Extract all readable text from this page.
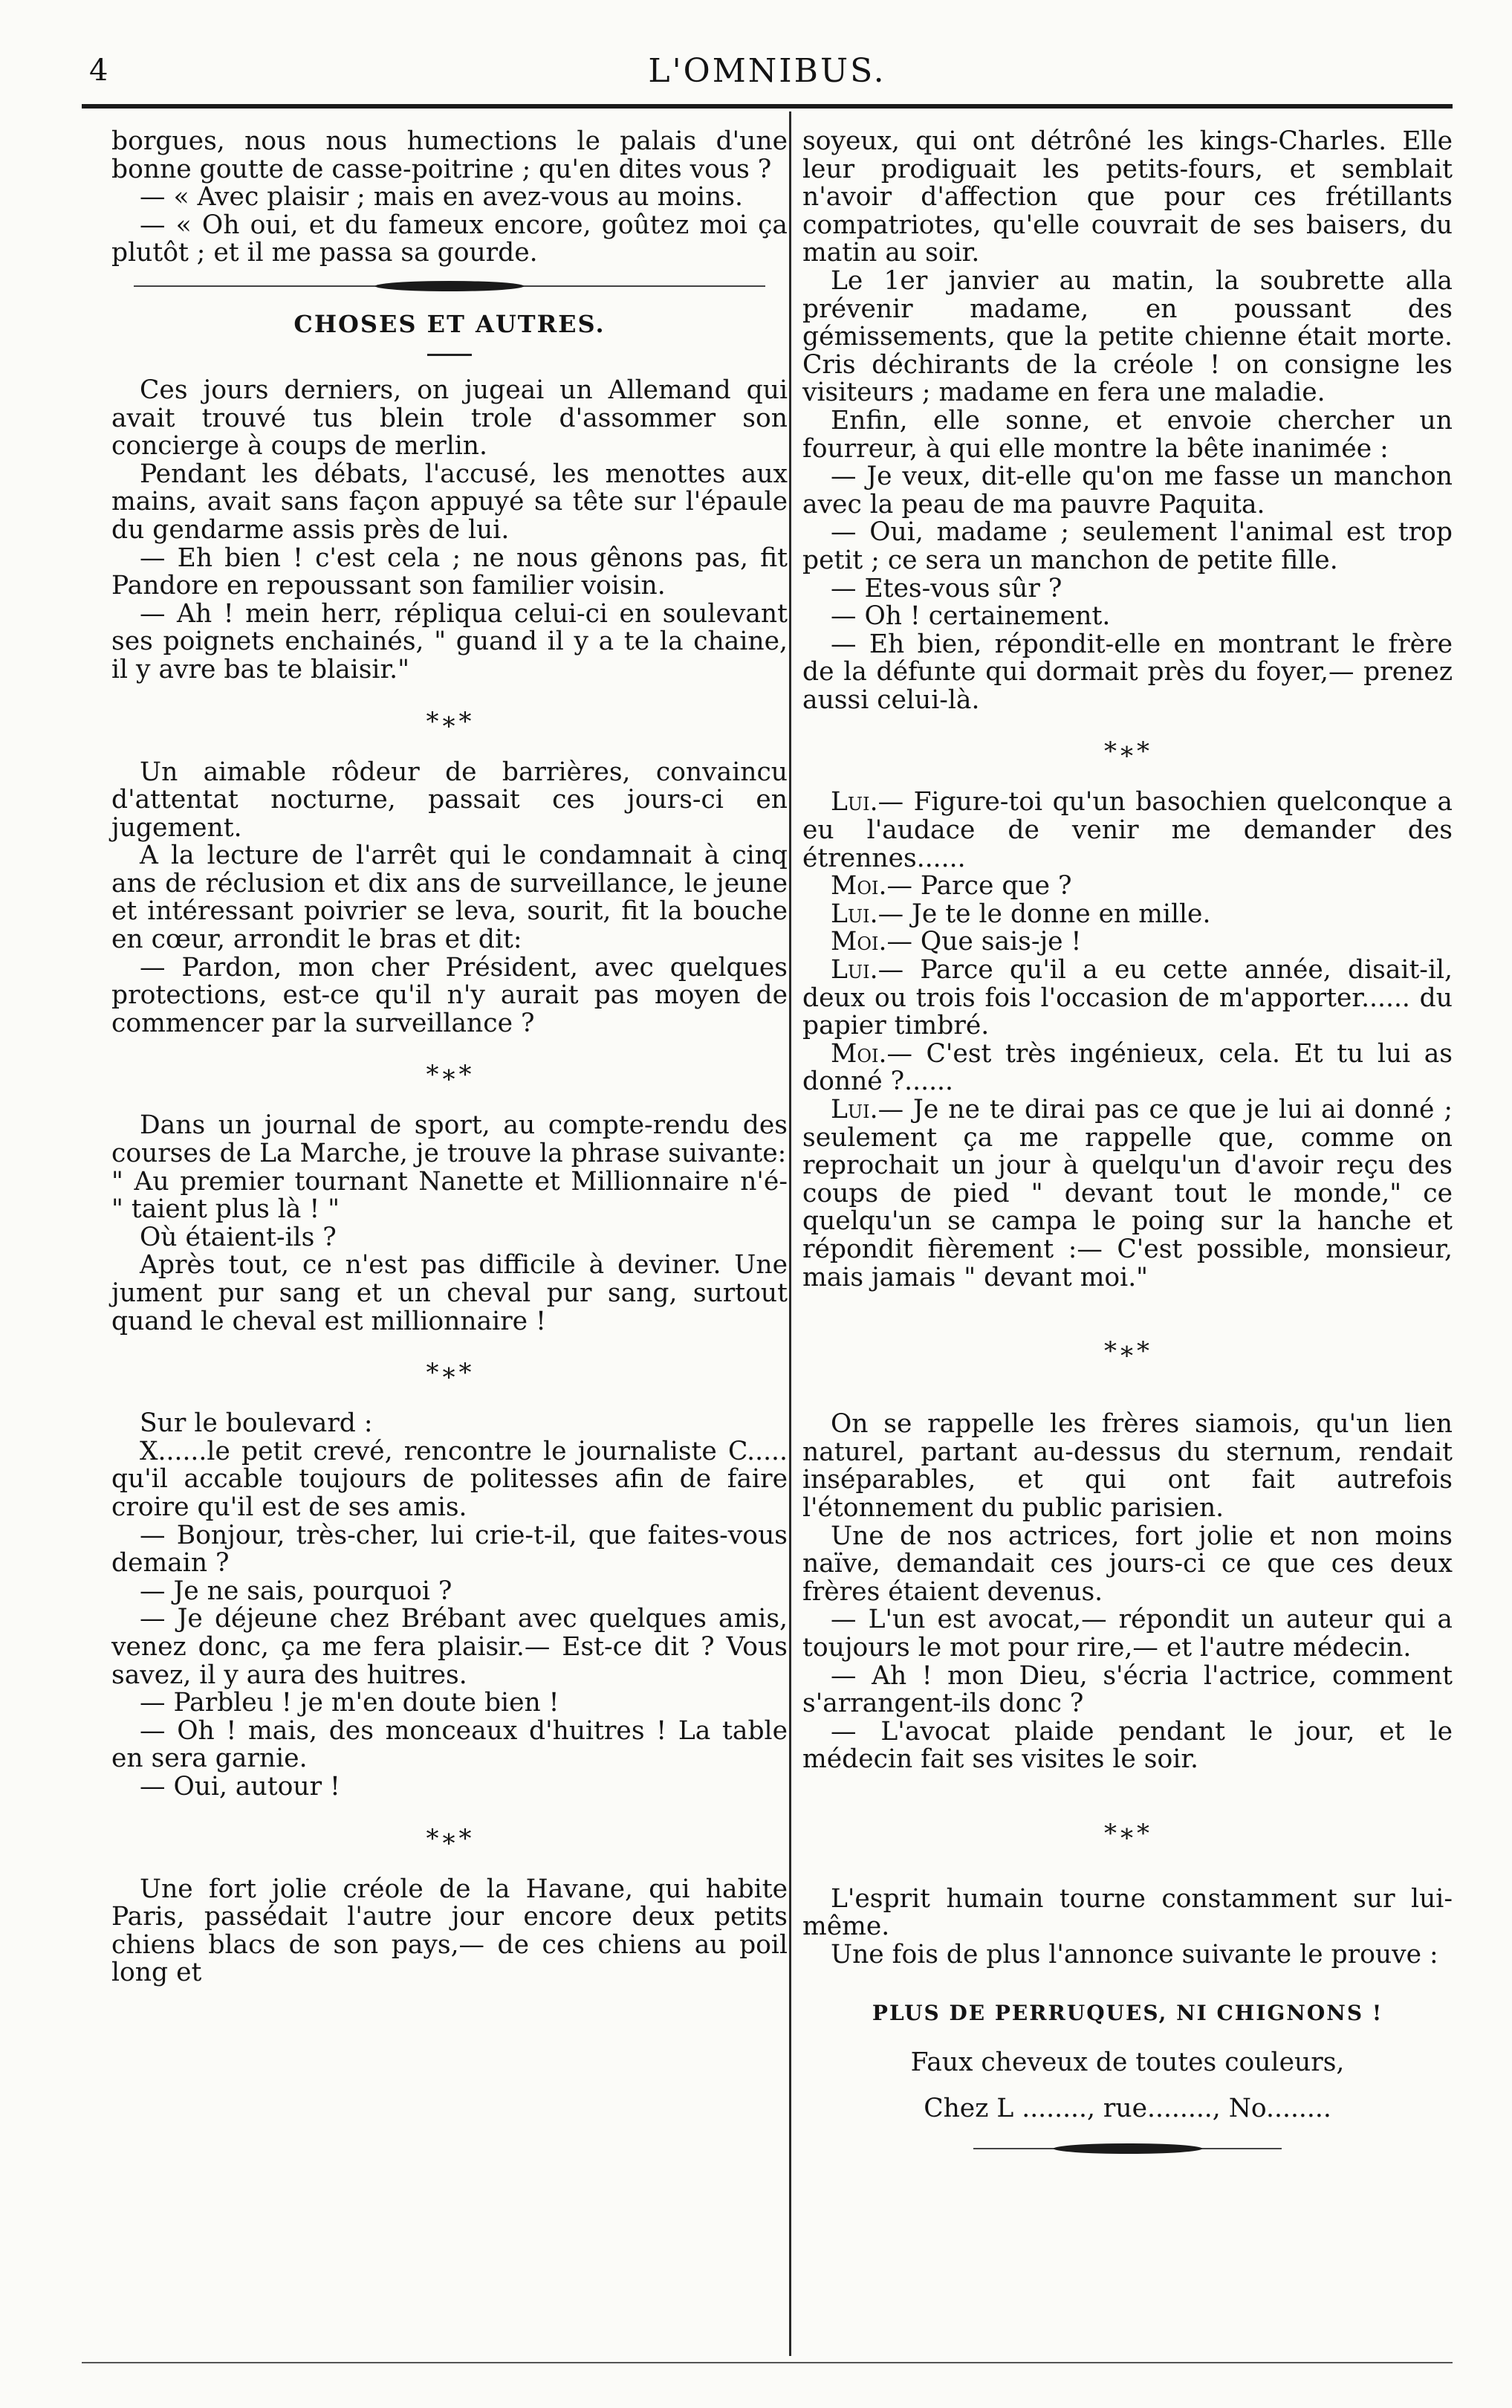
4	L'OMNIBUS.

borgues, nous nous humections le palais d'une bonne goutte de casse-poitrine ; qu'en dites vous ?

— « Avec plaisir ; mais en avez-vous au moins.

— « Oh oui, et du fameux encore, goûtez moi ça plutôt ; et il me passa sa gourde.

CHOSES ET AUTRES.

Ces jours derniers, on jugeai un Allemand qui avait trouvé tus blein trole d'assommer son concierge à coups de merlin.

Pendant les débats, l'accusé, les menottes aux mains, avait sans façon appuyé sa tête sur l'épaule du gendarme assis près de lui.

— Eh bien ! c'est cela ; ne nous gênons pas, fit Pandore en repoussant son familier voisin.

— Ah ! mein herr, répliqua celui-ci en soulevant ses poignets enchainés, " guand il y a te la chaine, il y avre bas te blaisir."

*∗*

Un aimable rôdeur de barrières, convaincu d'attentat nocturne, passait ces jours-ci en jugement.

A la lecture de l'arrêt qui le condamnait à cinq ans de réclusion et dix ans de surveillance, le jeune et intéressant poivrier se leva, sourit, fit la bouche en cœur, arrondit le bras et dit:

— Pardon, mon cher Président, avec quelques protections, est-ce qu'il n'y aurait pas moyen de commencer par la surveillance ?

*∗*

Dans un journal de sport, au compte-rendu des courses de La Marche, je trouve la phrase suivante:

" Au premier tournant Nanette et Millionnaire n'é- " taient plus là ! "

Où étaient-ils ?

Après tout, ce n'est pas difficile à deviner. Une jument pur sang et un cheval pur sang, surtout quand le cheval est millionnaire !

*∗*

Sur le boulevard :

X......le petit crevé, rencontre le journaliste C..... qu'il accable toujours de politesses afin de faire croire qu'il est de ses amis.

— Bonjour, très-cher, lui crie-t-il, que faites-vous demain ?

— Je ne sais, pourquoi ?

— Je déjeune chez Brébant avec quelques amis, venez donc, ça me fera plaisir.— Est-ce dit ? Vous savez, il y aura des huitres.

— Parbleu ! je m'en doute bien !

— Oh ! mais, des monceaux d'huitres ! La table en sera garnie.

— Oui, autour !

*∗*

Une fort jolie créole de la Havane, qui habite Paris, passédait l'autre jour encore deux petits chiens blacs de son pays,— de ces chiens au poil long et

soyeux, qui ont détrôné les kings-Charles. Elle leur prodiguait les petits-fours, et semblait n'avoir d'affection que pour ces frétillants compatriotes, qu'elle couvrait de ses baisers, du matin au soir.

Le 1er janvier au matin, la soubrette alla prévenir madame, en poussant des gémissements, que la petite chienne était morte. Cris déchirants de la créole ! on consigne les visiteurs ; madame en fera une maladie.

Enfin, elle sonne, et envoie chercher un fourreur, à qui elle montre la bête inanimée :

— Je veux, dit-elle qu'on me fasse un manchon avec la peau de ma pauvre Paquita.

— Oui, madame ; seulement l'animal est trop petit ; ce sera un manchon de petite fille.

— Etes-vous sûr ?

— Oh ! certainement.

— Eh bien, répondit-elle en montrant le frère de la défunte qui dormait près du foyer,— prenez aussi celui-là.

*∗*

Lui.— Figure-toi qu'un basochien quelconque a eu l'audace de venir me demander des étrennes......

Moi.— Parce que ?

Lui.— Je te le donne en mille.

Moi.— Que sais-je !

Lui.— Parce qu'il a eu cette année, disait-il, deux ou trois fois l'occasion de m'apporter...... du papier timbré.

Moi.— C'est très ingénieux, cela. Et tu lui as donné ?......

Lui.— Je ne te dirai pas ce que je lui ai donné ; seulement ça me rappelle que, comme on reprochait un jour à quelqu'un d'avoir reçu des coups de pied " devant tout le monde," ce quelqu'un se campa le poing sur la hanche et répondit fièrement :— C'est possible, monsieur, mais jamais " devant moi."

*∗*

On se rappelle les frères siamois, qu'un lien naturel, partant au-dessus du sternum, rendait inséparables, et qui ont fait autrefois l'étonnement du public parisien.

Une de nos actrices, fort jolie et non moins naïve, demandait ces jours-ci ce que ces deux frères étaient devenus.

— L'un est avocat,— répondit un auteur qui a toujours le mot pour rire,— et l'autre médecin.

— Ah ! mon Dieu, s'écria l'actrice, comment s'arrangent-ils donc ?

— L'avocat plaide pendant le jour, et le médecin fait ses visites le soir.

*∗*

L'esprit humain tourne constamment sur lui-même.

Une fois de plus l'annonce suivante le prouve :

PLUS DE PERRUQUES, NI CHIGNONS !
Faux cheveux de toutes couleurs,
Chez L ........, rue........, No........
